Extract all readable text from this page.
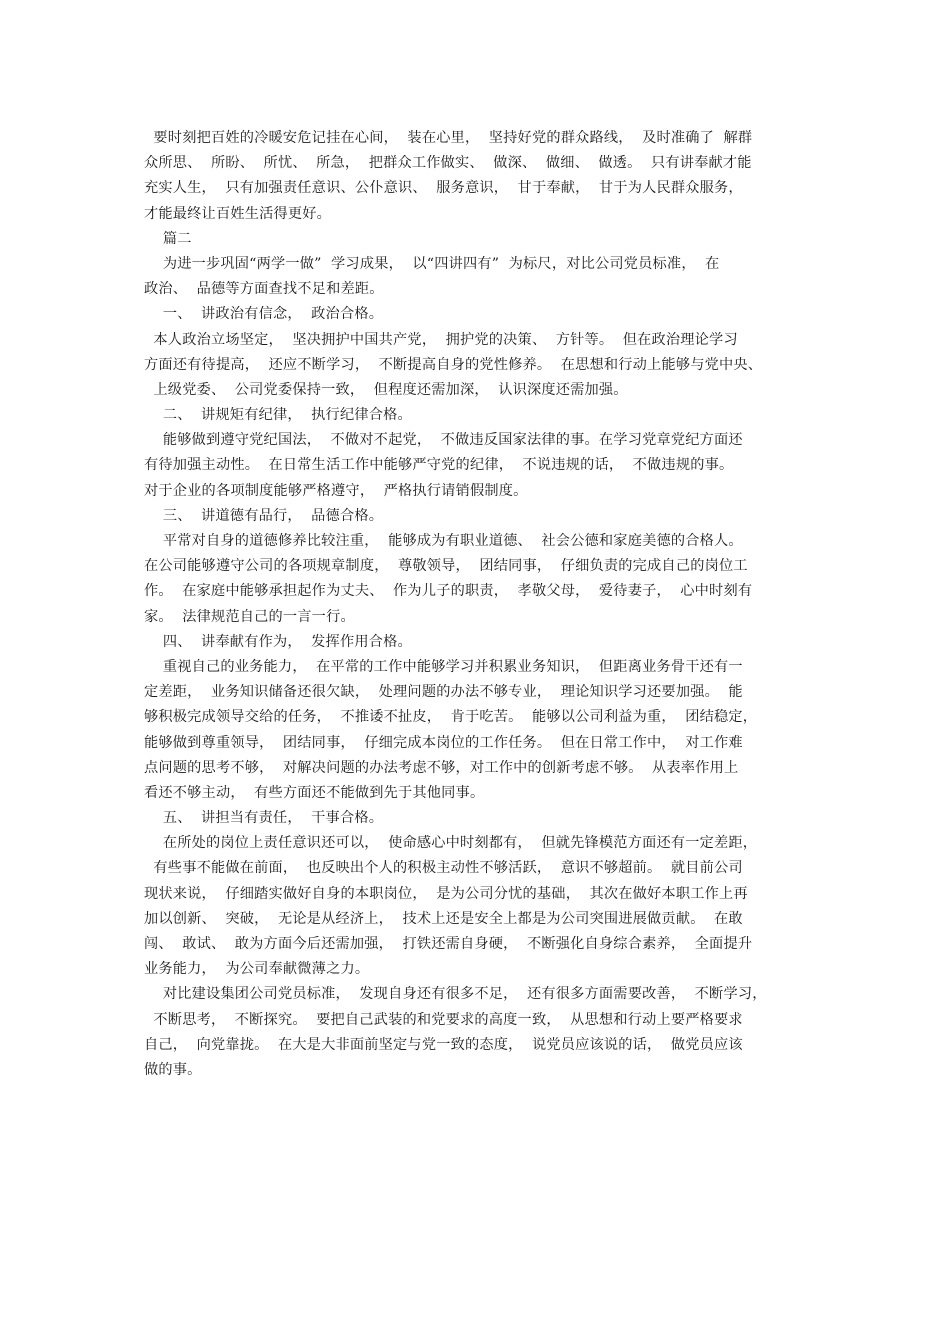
要时刻把百姓的冷暖安危记挂在心间，  装在心里，  坚持好党的群众路线，  及时准确了  解群
众所思、  所盼、  所忧、  所急，  把群众工作做实、  做深、  做细、  做透。  只有讲奉献才能
充实人生，  只有加强责任意识、公仆意识、  服务意识，  甘于奉献，  甘于为人民群众服务，
才能最终让百姓生活得更好。
篇二
为进一步巩固“两学一做”  学习成果，  以“四讲四有”  为标尺，对比公司党员标准，  在
政治、  品德等方面查找不足和差距。
一、  讲政治有信念，  政治合格。
本人政治立场坚定，  坚决拥护中国共产党，  拥护党的决策、  方针等。  但在政治理论学习
方面还有待提高，  还应不断学习，  不断提高自身的党性修养。  在思想和行动上能够与党中央、
上级党委、  公司党委保持一致，  但程度还需加深，  认识深度还需加强。
二、  讲规矩有纪律，  执行纪律合格。
能够做到遵守党纪国法，  不做对不起党，  不做违反国家法律的事。在学习党章党纪方面还
有待加强主动性。  在日常生活工作中能够严守党的纪律，  不说违规的话，  不做违规的事。
对于企业的各项制度能够严格遵守，  严格执行请销假制度。
三、  讲道德有品行，  品德合格。
平常对自身的道德修养比较注重，  能够成为有职业道德、  社会公德和家庭美德的合格人。
在公司能够遵守公司的各项规章制度，  尊敬领导，  团结同事，  仔细负责的完成自己的岗位工
作。  在家庭中能够承担起作为丈夫、  作为儿子的职责，  孝敬父母，  爱待妻子，  心中时刻有
家。  法律规范自己的一言一行。
四、  讲奉献有作为，  发挥作用合格。
重视自己的业务能力，  在平常的工作中能够学习并积累业务知识，  但距离业务骨干还有一
定差距，  业务知识储备还很欠缺，  处理问题的办法不够专业，  理论知识学习还要加强。  能
够积极完成领导交给的任务，  不推诿不扯皮，  肯于吃苦。  能够以公司利益为重，  团结稳定，
能够做到尊重领导，  团结同事，  仔细完成本岗位的工作任务。  但在日常工作中，  对工作难
点问题的思考不够，  对解决问题的办法考虑不够，对工作中的创新考虑不够。  从表率作用上
看还不够主动，  有些方面还不能做到先于其他同事。
五、  讲担当有责任，  干事合格。
在所处的岗位上责任意识还可以，  使命感心中时刻都有，  但就先锋模范方面还有一定差距，
有些事不能做在前面，  也反映出个人的积极主动性不够活跃，  意识不够超前。  就目前公司
现状来说，  仔细踏实做好自身的本职岗位，  是为公司分忧的基础，  其次在做好本职工作上再
加以创新、  突破，  无论是从经济上，  技术上还是安全上都是为公司突围进展做贡献。  在敢
闯、  敢试、  敢为方面今后还需加强，  打铁还需自身硬，  不断强化自身综合素养，  全面提升
业务能力，  为公司奉献微薄之力。
对比建设集团公司党员标准，  发现自身还有很多不足，  还有很多方面需要改善，  不断学习，
不断思考，  不断探究。  要把自己武装的和党要求的高度一致，  从思想和行动上要严格要求
自己，  向党靠拢。  在大是大非面前坚定与党一致的态度，  说党员应该说的话，  做党员应该
做的事。
